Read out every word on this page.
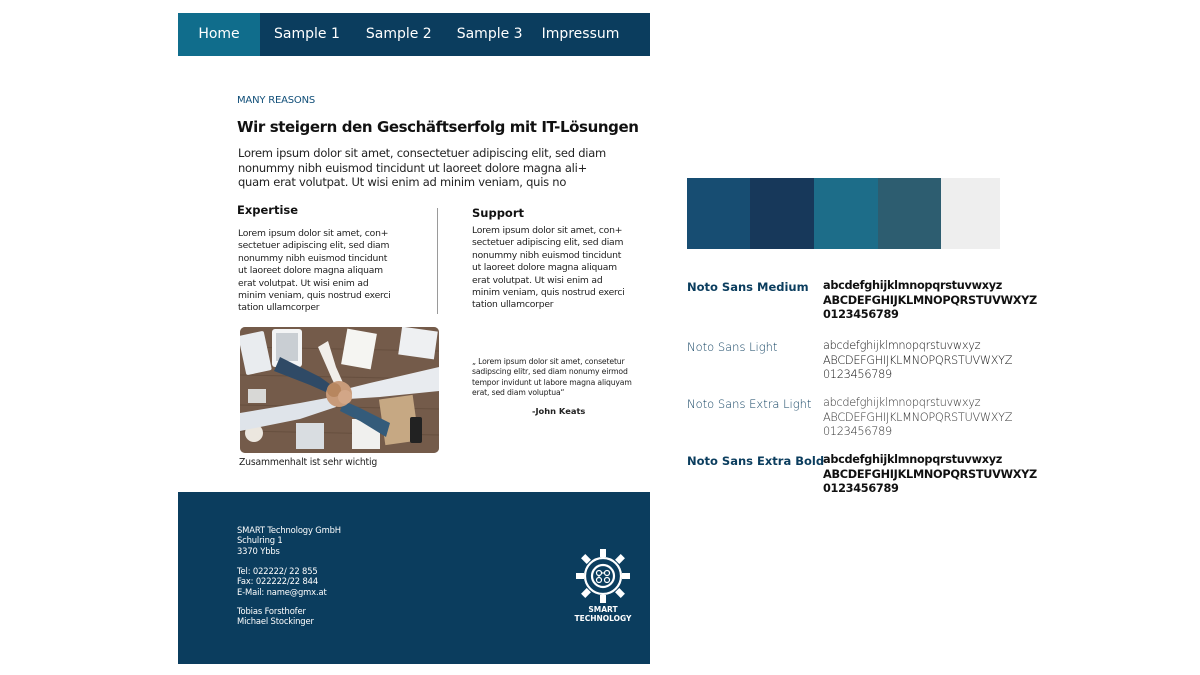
Home	Sample 1	Sample 2	Sample 3	Impressum
MANY REASONS
Wir steigern den Geschäftserfolg mit IT-Lösungen
Lorem ipsum dolor sit amet, consectetuer adipiscing elit, sed diam
nonummy nibh euismod tincidunt ut laoreet dolore magna ali+
quam erat volutpat. Ut wisi enim ad minim veniam, quis no
Expertise
Lorem ipsum dolor sit amet, con+
sectetuer adipiscing elit, sed diam
nonummy nibh euismod tincidunt
ut laoreet dolore magna aliquam
erat volutpat. Ut wisi enim ad
minim veniam, quis nostrud exerci
tation ullamcorper
Zusammenhalt ist sehr wichtig
Support
Lorem ipsum dolor sit amet, con+
sectetuer adipiscing elit, sed diam
nonummy nibh euismod tincidunt
ut laoreet dolore magna aliquam
erat volutpat. Ut wisi enim ad
minim veniam, quis nostrud exerci
tation ullamcorper
„ Lorem ipsum dolor sit amet, consetetur
sadipscing elitr, sed diam nonumy eirmod
tempor invidunt ut labore magna aliquyam
erat, sed diam voluptua“
-John Keats
SMART Technology GmbH
Schulring 1
3370 Ybbs
Tel: 022222/ 22 855
Fax: 022222/22 844
E-Mail: name@gmx.at
Tobias Forsthofer
Michael Stockinger
SMART
TECHNOLOGY
Noto Sans Medium abcdefghijklmnopqrstuvwxyz
ABCDEFGHIJKLMNOPQRSTUVWXYZ
0123456789
Noto Sans Light	abcdefghijklmnopqrstuvwxyz
ABCDEFGHIJKLMNOPQRSTUVWXYZ
0123456789
Noto Sans Extra Light abcdefghijklmnopqrstuvwxyz
ABCDEFGHIJKLMNOPQRSTUVWXYZ
0123456789
Noto Sans Extra Bold
abcdefghijklmnopqrstuvwxyz
ABCDEFGHIJKLMNOPQRSTUVWXYZ
0123456789
